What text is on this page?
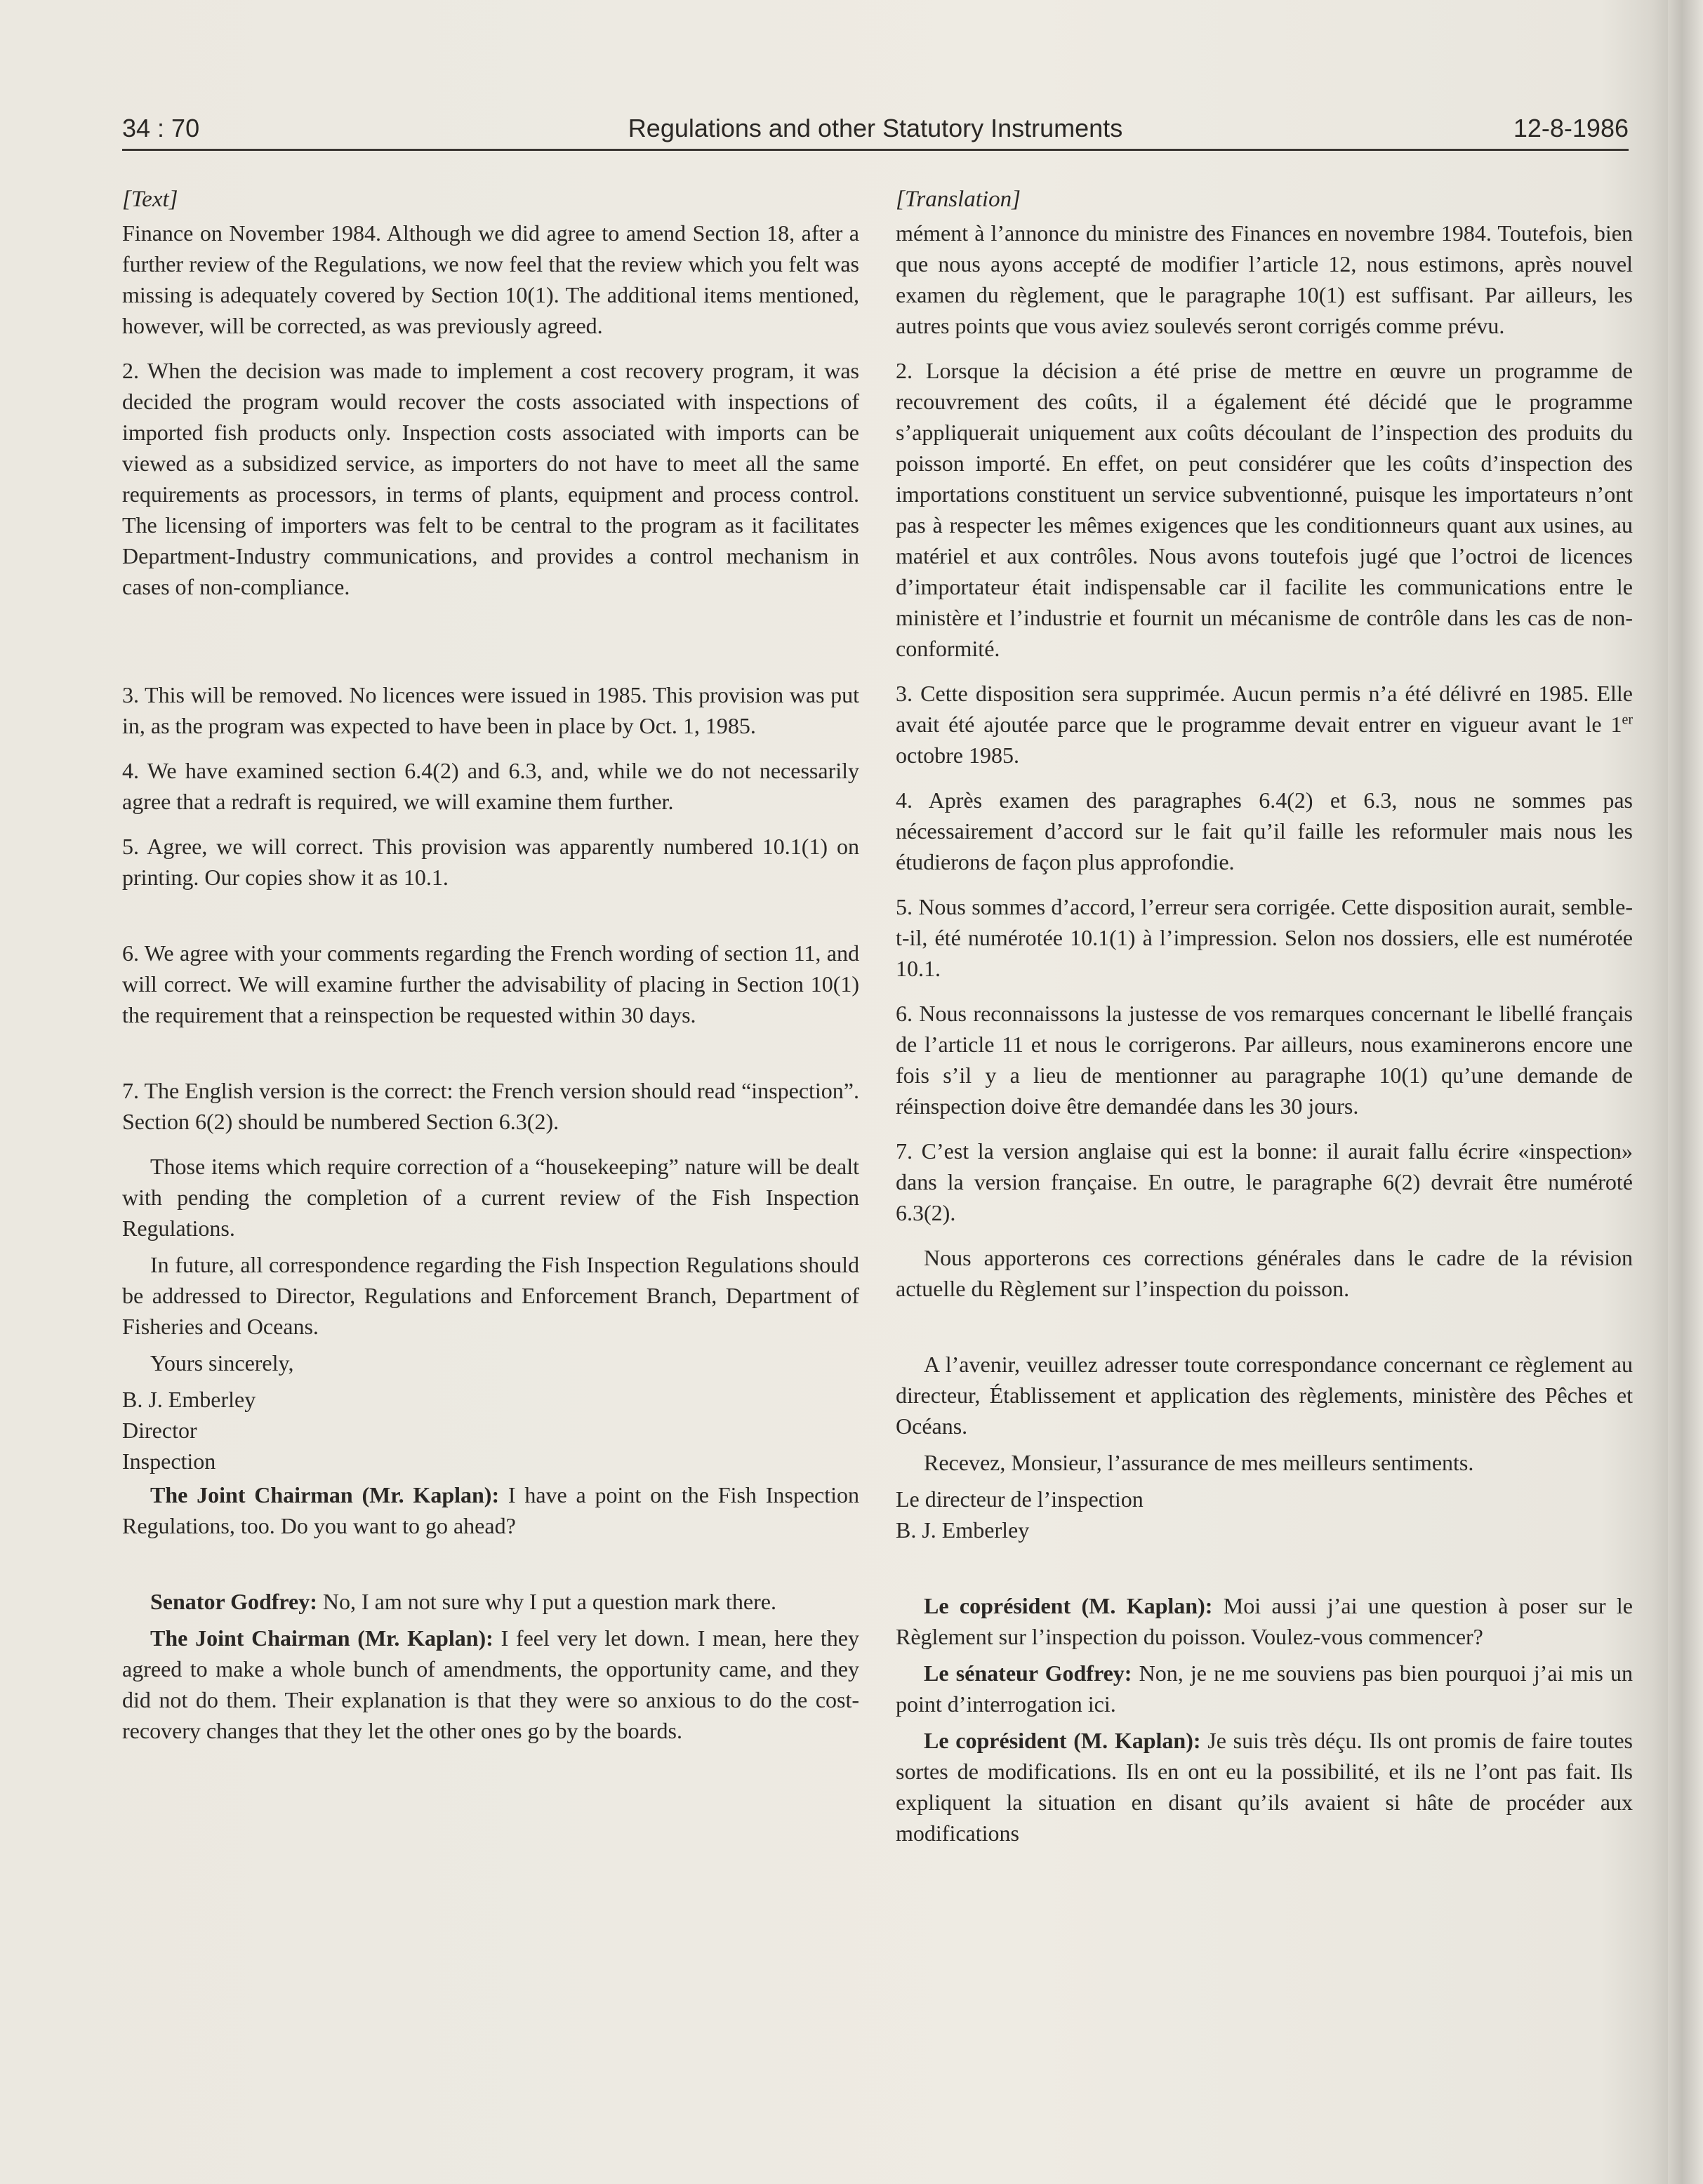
34 : 70	Regulations and other Statutory Instruments	12-8-1986

[Text]

Finance on November 1984. Although we did agree to amend Section 18, after a further review of the Regulations, we now feel that the review which you felt was missing is adequately covered by Section 10(1). The additional items mentioned, however, will be corrected, as was previously agreed.

2. When the decision was made to implement a cost recovery program, it was decided the program would recover the costs associated with inspections of imported fish products only. Inspection costs associated with imports can be viewed as a subsidized service, as importers do not have to meet all the same requirements as processors, in terms of plants, equipment and process control. The licensing of importers was felt to be central to the program as it facilitates Department-Industry communications, and provides a control mechanism in cases of non-compliance.

3. This will be removed. No licences were issued in 1985. This provision was put in, as the program was expected to have been in place by Oct. 1, 1985.

4. We have examined section 6.4(2) and 6.3, and, while we do not necessarily agree that a redraft is required, we will examine them further.

5. Agree, we will correct. This provision was apparently numbered 10.1(1) on printing. Our copies show it as 10.1.

6. We agree with your comments regarding the French wording of section 11, and will correct. We will examine further the advisability of placing in Section 10(1) the requirement that a reinspection be requested within 30 days.

7. The English version is the correct: the French version should read “inspection”. Section 6(2) should be numbered Section 6.3(2).

Those items which require correction of a “housekeeping” nature will be dealt with pending the completion of a current review of the Fish Inspection Regulations.

In future, all correspondence regarding the Fish Inspection Regulations should be addressed to Director, Regulations and Enforcement Branch, Department of Fisheries and Oceans.

Yours sincerely,

B. J. Emberley

Director

Inspection

The Joint Chairman (Mr. Kaplan): I have a point on the Fish Inspection Regulations, too. Do you want to go ahead?

Senator Godfrey: No, I am not sure why I put a question mark there.

The Joint Chairman (Mr. Kaplan): I feel very let down. I mean, here they agreed to make a whole bunch of amendments, the opportunity came, and they did not do them. Their explanation is that they were so anxious to do the cost-recovery changes that they let the other ones go by the boards.

[Translation]

mément à l’annonce du ministre des Finances en novembre 1984. Toutefois, bien que nous ayons accepté de modifier l’article 12, nous estimons, après nouvel examen du règlement, que le paragraphe 10(1) est suffisant. Par ailleurs, les autres points que vous aviez soulevés seront corrigés comme prévu.

2. Lorsque la décision a été prise de mettre en œuvre un programme de recouvrement des coûts, il a également été décidé que le programme s’appliquerait uniquement aux coûts découlant de l’inspection des produits du poisson importé. En effet, on peut considérer que les coûts d’inspection des importations constituent un service subventionné, puisque les importateurs n’ont pas à respecter les mêmes exigences que les conditionneurs quant aux usines, au matériel et aux contrôles. Nous avons toutefois jugé que l’octroi de licences d’importateur était indispensable car il facilite les communications entre le ministère et l’industrie et fournit un mécanisme de contrôle dans les cas de non-conformité.

3. Cette disposition sera supprimée. Aucun permis n’a été délivré en 1985. Elle avait été ajoutée parce que le programme devait entrer en vigueur avant le 1er octobre 1985.

4. Après examen des paragraphes 6.4(2) et 6.3, nous ne sommes pas nécessairement d’accord sur le fait qu’il faille les reformuler mais nous les étudierons de façon plus approfondie.

5. Nous sommes d’accord, l’erreur sera corrigée. Cette disposition aurait, semble-t-il, été numérotée 10.1(1) à l’impression. Selon nos dossiers, elle est numérotée 10.1.

6. Nous reconnaissons la justesse de vos remarques concernant le libellé français de l’article 11 et nous le corrigerons. Par ailleurs, nous examinerons encore une fois s’il y a lieu de mentionner au paragraphe 10(1) qu’une demande de réinspection doive être demandée dans les 30 jours.

7. C’est la version anglaise qui est la bonne: il aurait fallu écrire «inspection» dans la version française. En outre, le paragraphe 6(2) devrait être numéroté 6.3(2).

Nous apporterons ces corrections générales dans le cadre de la révision actuelle du Règlement sur l’inspection du poisson.

A l’avenir, veuillez adresser toute correspondance concernant ce règlement au directeur, Établissement et application des règlements, ministère des Pêches et Océans.

Recevez, Monsieur, l’assurance de mes meilleurs sentiments.

Le directeur de l’inspection

B. J. Emberley

Le coprésident (M. Kaplan): Moi aussi j’ai une question à poser sur le Règlement sur l’inspection du poisson. Voulez-vous commencer?

Le sénateur Godfrey: Non, je ne me souviens pas bien pourquoi j’ai mis un point d’interrogation ici.

Le coprésident (M. Kaplan): Je suis très déçu. Ils ont promis de faire toutes sortes de modifications. Ils en ont eu la possibilité, et ils ne l’ont pas fait. Ils expliquent la situation en disant qu’ils avaient si hâte de procéder aux modifications
